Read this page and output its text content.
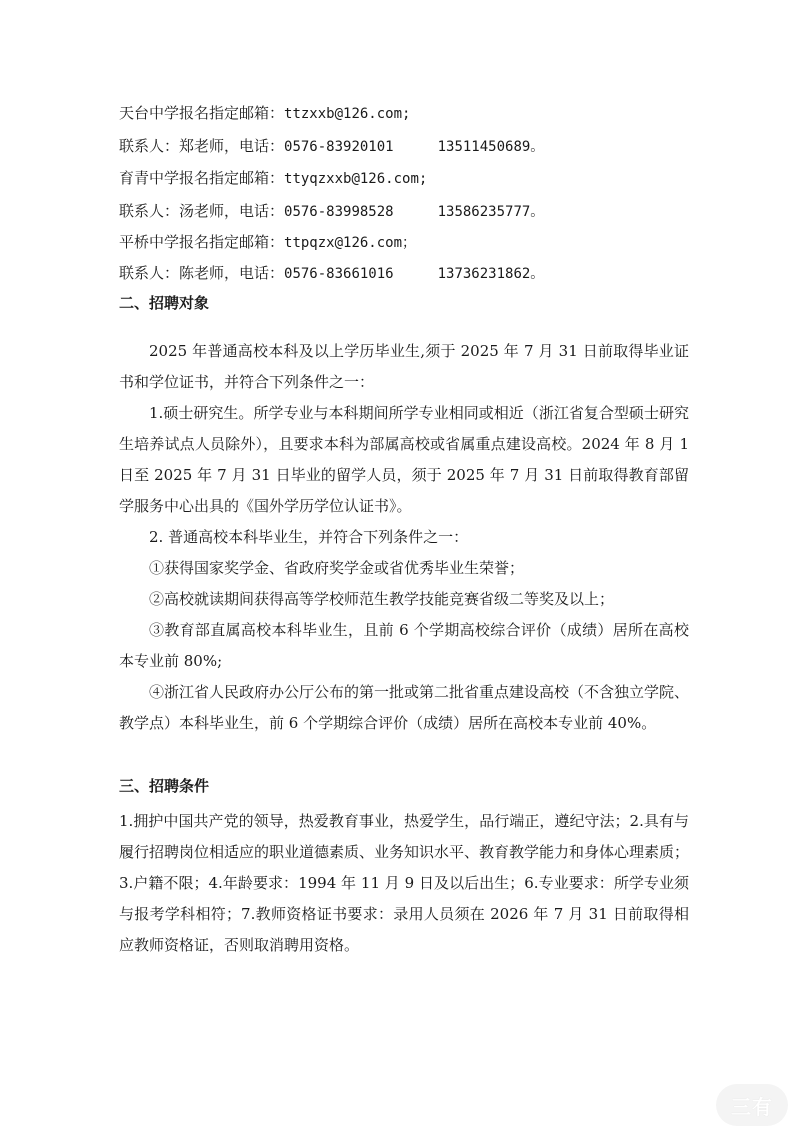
天台中学报名指定邮箱：ttzxxb@126.com;
联系人：郑老师，电话：0576-83920101	13511450689。
育青中学报名指定邮箱：ttyqzxxb@126.com;
联系人：汤老师，电话：0576-83998528	13586235777。
平桥中学报名指定邮箱：ttpqzx@126.com；
联系人：陈老师，电话：0576-83661016	13736231862。
二、招聘对象
2025 年普通高校本科及以上学历毕业生,须于 2025 年 7 月 31 日前取得毕业证书和学位证书，并符合下列条件之一：
1.硕士研究生。所学专业与本科期间所学专业相同或相近（浙江省复合型硕士研究生培养试点人员除外），且要求本科为部属高校或省属重点建设高校。2024 年 8 月 1 日至 2025 年 7 月 31 日毕业的留学人员，须于 2025 年 7 月 31 日前取得教育部留学服务中心出具的《国外学历学位认证书》。
2. 普通高校本科毕业生，并符合下列条件之一：
①获得国家奖学金、省政府奖学金或省优秀毕业生荣誉；
②高校就读期间获得高等学校师范生教学技能竞赛省级二等奖及以上；
③教育部直属高校本科毕业生，且前 6 个学期高校综合评价（成绩）居所在高校本专业前 80%;
④浙江省人民政府办公厅公布的第一批或第二批省重点建设高校（不含独立学院、教学点）本科毕业生，前 6 个学期综合评价（成绩）居所在高校本专业前 40%。
三、招聘条件
1.拥护中国共产党的领导，热爱教育事业，热爱学生，品行端正，遵纪守法；2.具有与履行招聘岗位相适应的职业道德素质、业务知识水平、教育教学能力和身体心理素质；3.户籍不限；4.年龄要求：1994 年 11 月 9 日及以后出生；6.专业要求：所学专业须与报考学科相符；7.教师资格证书要求：录用人员须在 2026 年 7 月 31 日前取得相应教师资格证，否则取消聘用资格。
三有
